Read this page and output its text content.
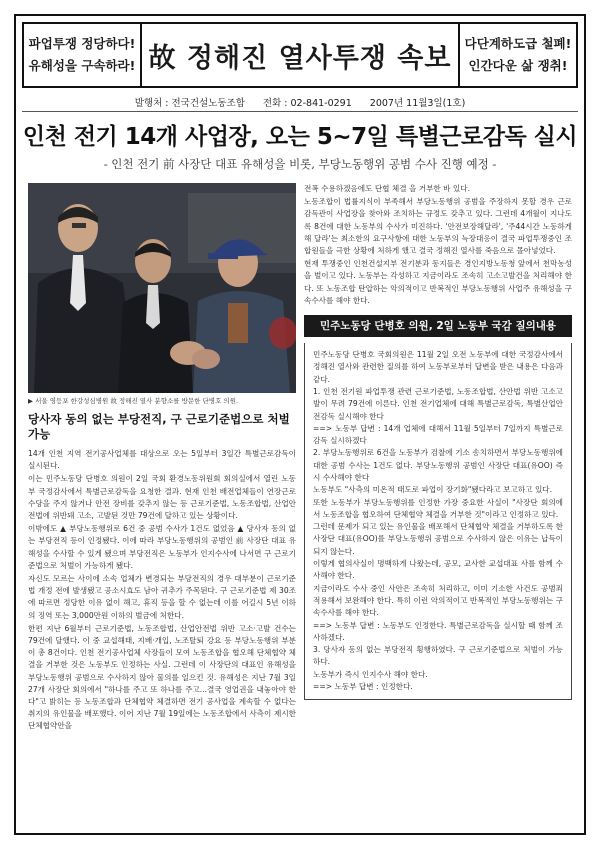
파업투쟁 정당하다!
유해성을 구속하라! 故 정해진 열사투쟁 속보	다단계하도급 철폐!
인간다운 삶 쟁취!
발행처 : 전국건설노동조합 전화 : 02-841-0291 2007년 11월3일(1호)
인천 전기 14개 사업장, 오는 5~7일 특별근로감독 실시
- 인천 전기 前 사장단 대표 유해성을 비롯, 부당노동행위 공범 수사 진행 예정 -
▶ 서울 영등포 한강성심병원 故 정해진 열사 분향소를 방문한 단병호 의원.
당사자 동의 없는 부당전직, 구 근로기준법으로 처벌 가능

14개 인천 지역 전기공사업체를 대상으로 오는 5일부터 3일간 특별근로감독이 실시된다.

이는 민주노동당 단병호 의원이 2일 국회 환경노동위원회 회의실에서 열린 노동부 국정감사에서 특별근로감독을 요청한 결과. 현재 인천 배전업체들이 연장근로수당을 주지 않거나 안전 장비를 갖추지 않는 등 근로기준법, 노동조합법, 산업안전법에 위반돼 고소, 고발된 것만 79건에 달하고 있는 상황이다.

이밖에도 ▲ 부당노동행위로 6건 중 공범 수사가 1건도 없었음 ▲ 당사자 동의 없는 부당전직 등이 인정됐다. 이에 따라 부당노동행위의 공범인 前 사장단 대표 유해성을 수사할 수 있게 됐으며 부당전직은 노동부가 인지수사에 나서면 구 근로기준법으로 처벌이 가능하게 됐다.

자신도 모르는 사이에 소속 업체가 변경되는 부당전직의 경우 대부분이 근로기준법 개정 전에 발생됐고 공소시효도 남아 귀추가 주목된다. 구 근로기준법 제 30조에 따르면 정당한 이유 없이 해고, 휴직 등을 할 수 없는데 이를 어길시 5년 이하의 징역 또는 3,000만원 이하의 벌금에 처한다.

한편 지난 6월부터 근로기준법, 노동조합법, 산업안전법 위반 고소·고발 건수는 79건에 달했다. 이 중 교섭해태, 지배·개입, 노조탈퇴 강요 등 부당노동행위 부분이 총 8건이다. 인천 전기공사업체 사장들이 모여 노동조합을 협오해 단체협약 체결을 거부한 것은 노동부도 인정하는 사실. 그런데 이 사장단의 대표인 유해성을 부당노동행위 공범으로 수사하지 않아 물의를 일으킨 것. 유해성은 지난 7월 3일 27개 사장단 회의에서 "하나를 주고 또 하나를 주고...결국 영업권을 내놓아야 한다"고 밝히는 등 노동조합과 단체협약 체결하면 전기 공사업을 계속할 수 없다는 취지의 유인물을 배포했다. 이어 지난 7월 19일에는 노동조합에서 사측이 제시한 단체협약안을

전폭 수용하겠음에도 단협 체결 을 거부한 바 있다.

노동조합이 법률지식이 부족해서 부당노동행위 공범을 주장하지 못할 경우 근로감독관이 사업장을 찾아와 조치하는 규정도 갖추고 있다. 그런데 4개월이 지나도록 8건에 대한 노동부의 수사가 미진하다. '안전보장해달라', '주44시간 노동하게 해 달라'는 최소한의 요구사항에 대한 노동부의 늑장대응이 결국 파업투쟁중인 조합원들을 극한 상황에 처하게 했고 결국 정해진 열사를 죽음으로 몰아넣었다.

현재 투쟁중인 인천건설지부 전기분과 동지들은 경인지방노동청 앞에서 천막농성을 벌이고 있다. 노동부는 각성하고 지금이라도 조속히 고소고발건을 처리해야 한다. 또 노동조합 탄압하는 악의적이고 반복적인 부당노동행위 사업주 유해성을 구속수사를 해야 한다.

민주노동당 단병호 의원, 2일 노동부 국감 질의내용

민주노동당 단병호 국회의원은 11월 2일 오전 노동부에 대한 국정감사에서 정해진 열사와 관련한 질의를 하여 노동부로부터 답변을 받은 내용은 다음과 같다.

1. 인천 전기원 파업투쟁 관련 근로기준법, 노동조합법, 산안법 위반 고소고발이 무려 79건에 이른다. 인천 전기업체에 대해 특별근로감독, 특별산업안전감독 실시해야 한다

==> 노동부 답변 : 14개 업체에 대해서 11월 5일부터 7일까지 특별근로감독 실시하겠다

2. 부당노동행위로 6건을 노동부가 검찰에 기소 송치하면서 부당노동행위에 대한 공범 수사는 1건도 없다. 부당노동행위 공범인 사장단 대표(유OO) 즉시 수사해야 한다

노동부도 "사측의 미온적 태도로 파업이 장기화"됐다라고 보고하고 있다.

또한 노동부가 부당노동행위를 인정한 가장 중요한 사실이 "사장단 회의에서 노동조합을 협오하여 단체협약 체결을 거부한 것"이라고 인정하고 있다.

그런데 문제가 되고 있는 유인물을 배포해서 단체협약 체결을 거부하도록 한 사장단 대표(유OO)를 부당노동행위 공범으로 수사하지 않은 이유는 납득이 되지 않는다.

이렇게 협의사실이 명백하게 나왔는데, 공모, 교사한 교섭대표 사를 함께 수사해야 한다.

지금이라도 수사 중인 사안은 조속히 처리하고, 이미 기소한 사건도 공범죄 적용해서 보완해야 한다. 특히 이런 악의적이고 반복적인 부당노동행위는 구속수사를 해야 한다.

==> 노동부 답변 : 노동부도 인정한다. 특별근로감독을 실시할 때 함께 조사하겠다.

3. 당사자 동의 없는 부당전직 횡행하였다. 구 근로기준법으로 처벌이 가능하다.

노동부가 즉시 인지수사 해야 한다.

==> 노동부 답변 : 인정한다.
